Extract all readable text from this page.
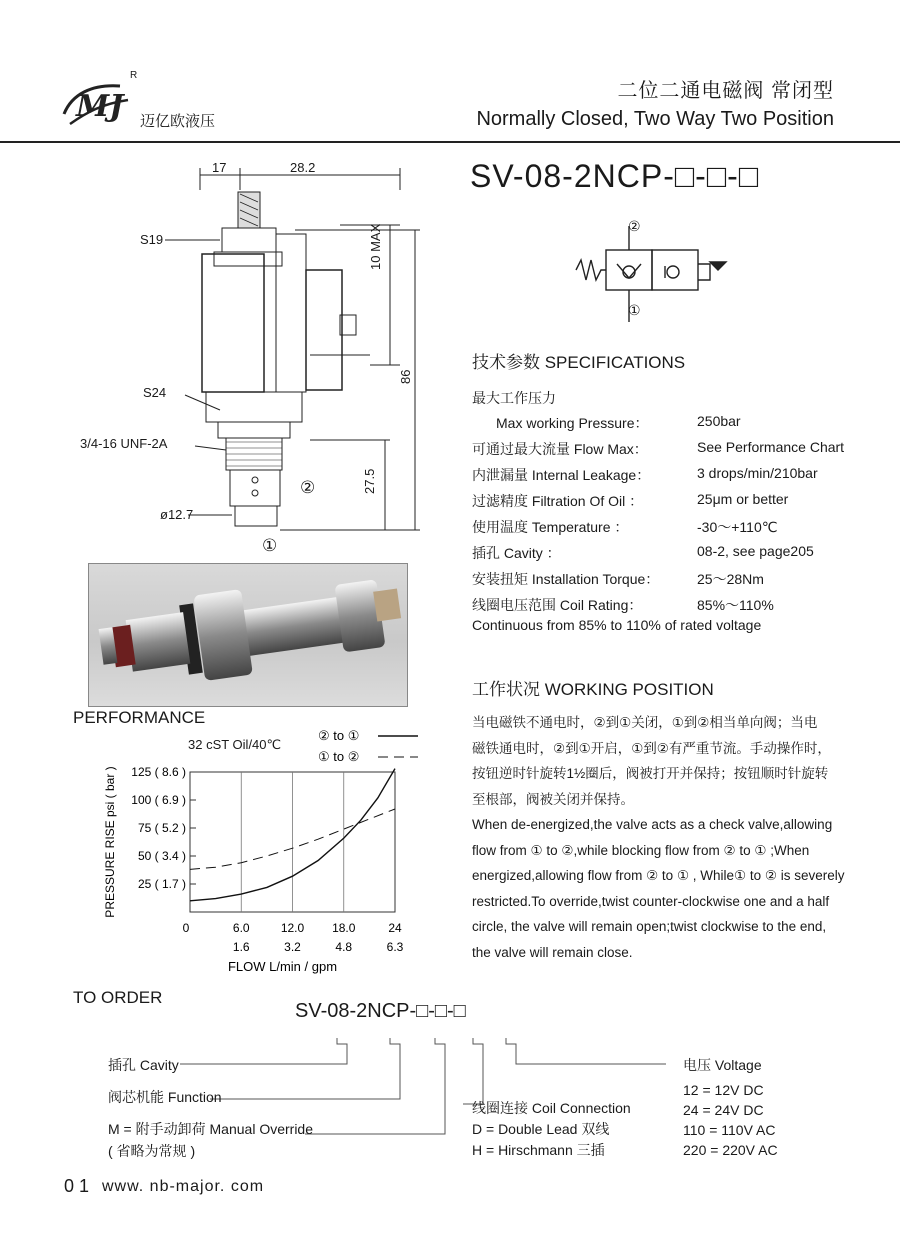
MJ
R
迈亿欧液压
二位二通电磁阀 常闭型
Normally Closed, Two Way Two Position
SV-08-2NCP-□-□-□
17	28.2
S19
S24
3/4-16 UNF-2A
ø12.7
10 MAX
86
27.5
②
①
②
①
技术参数 SPECIFICATIONS
最大工作压力
Max working Pressure：	250bar
可通过最大流量 Flow Max：	See Performance Chart
内泄漏量 Internal Leakage：	3 drops/min/210bar
过滤精度 Filtration Of Oil ：	25μm or better
使用温度 Temperature ：	-30～+110℃
插孔 Cavity ：	08-2, see page205
安装扭矩 Installation Torque：	25～28Nm
线圈电压范围 Coil Rating：	85%～110%
Continuous from 85% to 110% of rated voltage
工作状况 WORKING POSITION
当电磁铁不通电时，②到①关闭，①到②相当单向阀；当电
磁铁通电时，②到①开启，①到②有严重节流。手动操作时，
按钮逆时针旋转1½圈后，阀被打开并保持；按钮顺时针旋转
至根部，阀被关闭并保持。
When de-energized,the valve acts as a check valve,allowing
flow from ① to ②,while blocking flow from ② to ① ;When
energized,allowing flow from ② to ① , While① to ② is severely
restricted.To override,twist counter-clockwise one and a half
circle, the valve will remain open;twist clockwise to the end,
the valve will remain close.
PERFORMANCE
32 cST Oil/40℃
25 ( 1.7 )
50 ( 3.4 )
75 ( 5.2 )
100 ( 6.9 )
125 ( 8.6 )
0	6.0	12.0 18.0	24
1.6	3.2	4.8	6.3
FLOW L/min / gpm
PRESSURE RISE psi ( bar )
② to ①
① to ②
TO ORDER
SV-08-2NCP-□-□-□
插孔 Cavity
阀芯机能 Function
M = 附手动卸荷 Manual Override
( 省略为常规 )
线圈连接 Coil Connection
D = Double Lead 双线
H = Hirschmann 三插
电压 Voltage
12 = 12V DC
24 = 24V DC
110 = 110V AC
220 = 220V AC
0 1 www. nb-major. com
